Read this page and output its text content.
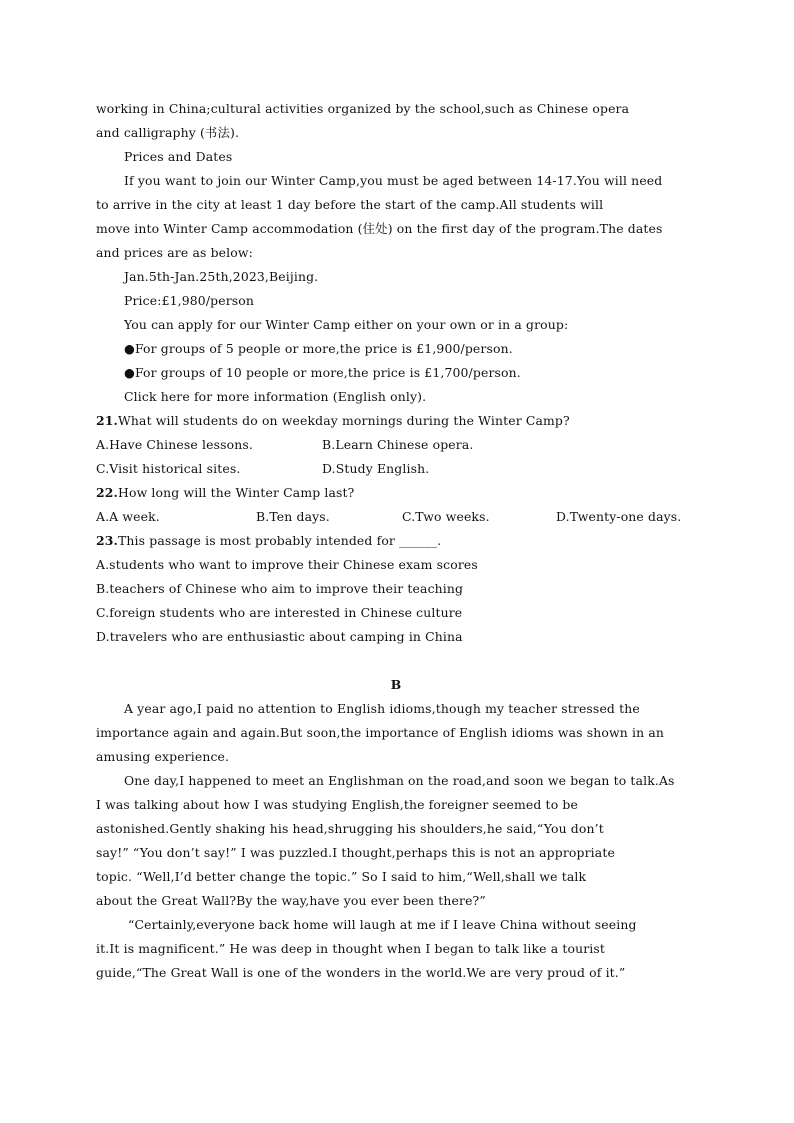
working in China;cultural activities organized by the school,such as Chinese opera
and calligraphy (书法).
Prices and Dates
If you want to join our Winter Camp,you must be aged between 14-17.You will need
to arrive in the city at least 1 day before the start of the camp.All students will
move into Winter Camp accommodation (住处) on the first day of the program.The dates
and prices are as below:
Jan.5th-Jan.25th,2023,Beijing.
Price:£1,980/person
You can apply for our Winter Camp either on your own or in a group:
●For groups of 5 people or more,the price is £1,900/person.
●For groups of 10 people or more,the price is £1,700/person.
Click here for more information (English only).
21.What will students do on weekday mornings during the Winter Camp?
A.Have Chinese lessons.	B.Learn Chinese opera.
C.Visit historical sites.	D.Study English.
22.How long will the Winter Camp last?
A.A week.	B.Ten days.	C.Two weeks.	D.Twenty-one days.
23.This passage is most probably intended for ______.
A.students who want to improve their Chinese exam scores
B.teachers of Chinese who aim to improve their teaching
C.foreign students who are interested in Chinese culture
D.travelers who are enthusiastic about camping in China
B
A year ago,I paid no attention to English idioms,though my teacher stressed the
importance again and again.But soon,the importance of English idioms was shown in an
amusing experience.
One day,I happened to meet an Englishman on the road,and soon we began to talk.As
I was talking about how I was studying English,the foreigner seemed to be
astonished.Gently shaking his head,shrugging his shoulders,he said,“You don’t
say!” “You don’t say!” I was puzzled.I thought,perhaps this is not an appropriate
topic. “Well,I’d better change the topic.” So I said to him,“Well,shall we talk
about the Great Wall?By the way,have you ever been there?”
“Certainly,everyone back home will laugh at me if I leave China without seeing
it.It is magnificent.” He was deep in thought when I began to talk like a tourist
guide,“The Great Wall is one of the wonders in the world.We are very proud of it.”
